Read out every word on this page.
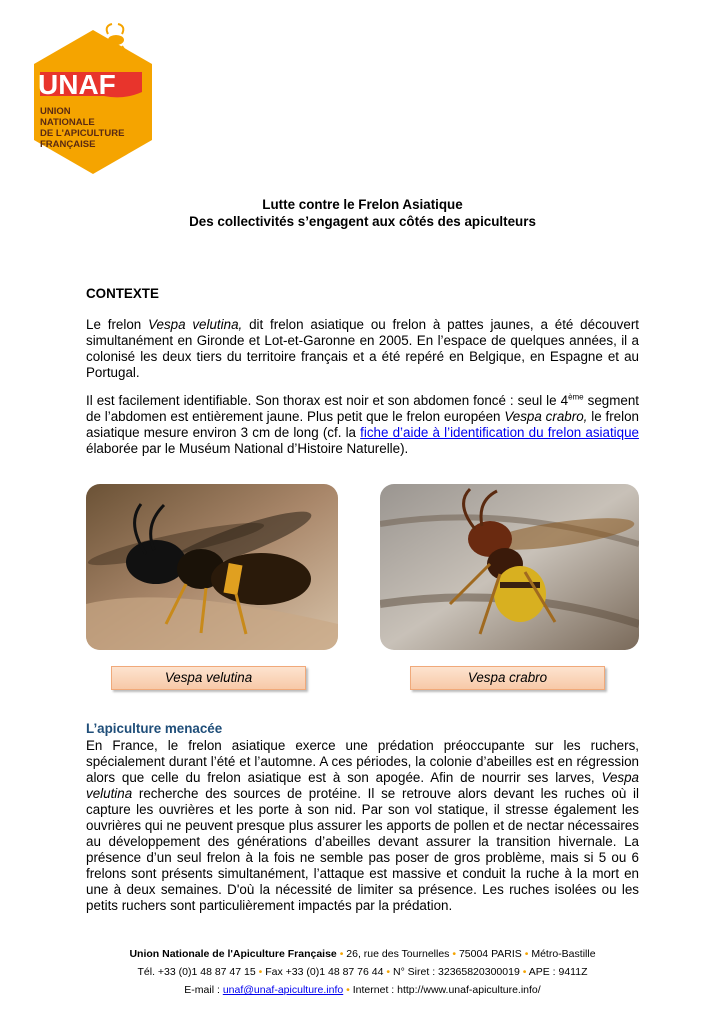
UNAF
UNION
NATIONALE
DE L'APICULTURE
FRANÇAISE
Lutte contre le Frelon Asiatique
Des collectivités s’engagent aux côtés des apiculteurs
CONTEXTE
Le frelon Vespa velutina, dit frelon asiatique ou frelon à pattes jaunes, a été découvert simultanément en Gironde et Lot-et-Garonne en 2005. En l’espace de quelques années, il a colonisé les deux tiers du territoire français et a été repéré en Belgique, en Espagne et au Portugal.
Il est facilement identifiable. Son thorax est noir et son abdomen foncé : seul le 4ème segment de l’abdomen est entièrement jaune. Plus petit que le frelon européen Vespa crabro, le frelon asiatique mesure environ 3 cm de long (cf. la fiche d’aide à l’identification du frelon asiatique élaborée par le Muséum National d’Histoire Naturelle).
Vespa velutina	Vespa crabro
L’apiculture menacée
En France, le frelon asiatique exerce une prédation préoccupante sur les ruchers, spécialement durant l’été et l’automne. A ces périodes, la colonie d’abeilles est en régression alors que celle du frelon asiatique est à son apogée. Afin de nourrir ses larves, Vespa velutina recherche des sources de protéine. Il se retrouve alors devant les ruches où il capture les ouvrières et les porte à son nid. Par son vol statique, il stresse également les ouvrières qui ne peuvent presque plus assurer les apports de pollen et de nectar nécessaires au développement des générations d’abeilles devant assurer la transition hivernale. La présence d’un seul frelon à la fois ne semble pas poser de gros problème, mais si 5 ou 6 frelons sont présents simultanément, l’attaque est massive et conduit la ruche à la mort en une à deux semaines. D'où la nécessité de limiter sa présence. Les ruches isolées ou les petits ruchers sont particulièrement impactés par la prédation.
Union Nationale de l'Apiculture Française • 26, rue des Tournelles • 75004 PARIS • Métro-Bastille
Tél. +33 (0)1 48 87 47 15 • Fax +33 (0)1 48 87 76 44 • N° Siret : 32365820300019 • APE : 9411Z
E-mail : unaf@unaf-apiculture.info • Internet : http://www.unaf-apiculture.info/
